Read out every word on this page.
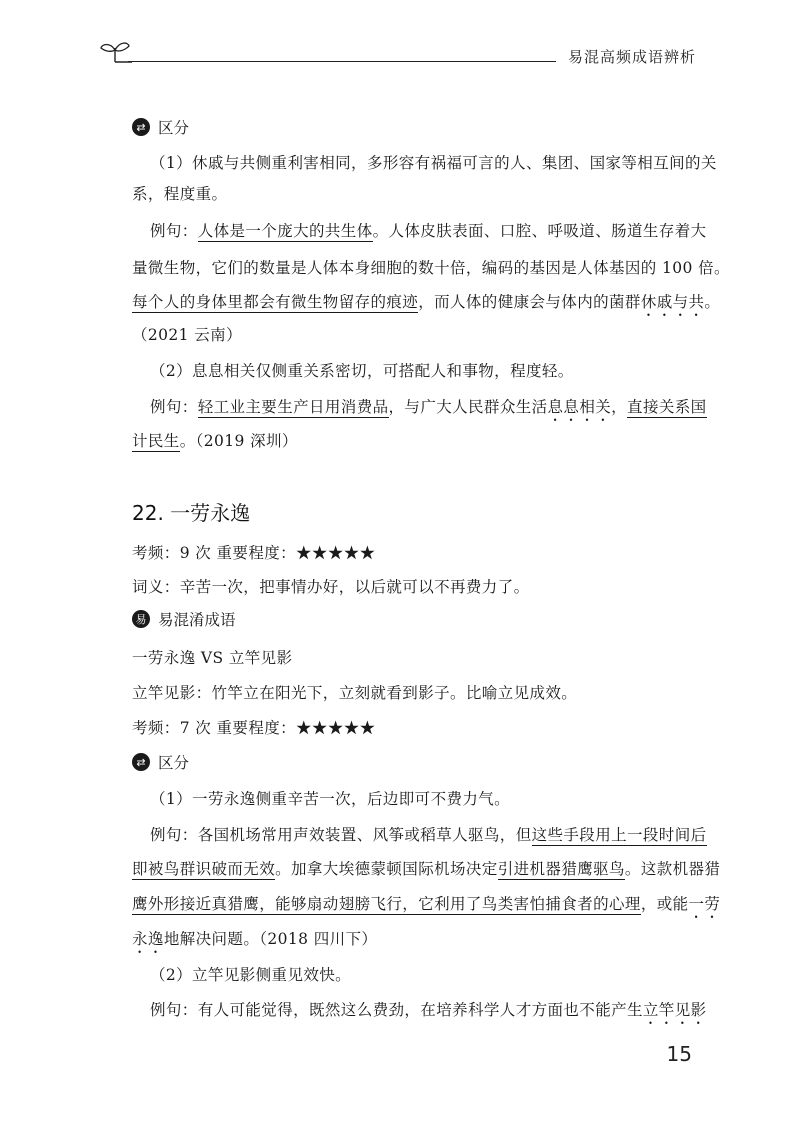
易混高频成语辨析
⇄ 区分
（1）休戚与共侧重利害相同，多形容有祸福可言的人、集团、国家等相互间的关
系，程度重。
例句：人体是一个庞大的共生体。人体皮肤表面、口腔、呼吸道、肠道生存着大
量微生物，它们的数量是人体本身细胞的数十倍，编码的基因是人体基因的 100 倍。
每个人的身体里都会有微生物留存的痕迹，而人体的健康会与体内的菌群休戚与共。
（2021 云南）
（2）息息相关仅侧重关系密切，可搭配人和事物，程度轻。
例句：轻工业主要生产日用消费品，与广大人民群众生活息息相关，直接关系国
计民生。（2019 深圳）
22. 一劳永逸
考频：9 次 重要程度：★★★★★
词义：辛苦一次，把事情办好，以后就可以不再费力了。
易 易混淆成语
一劳永逸 VS 立竿见影
立竿见影：竹竿立在阳光下，立刻就看到影子。比喻立见成效。
考频：7 次 重要程度：★★★★★
⇄ 区分
（1）一劳永逸侧重辛苦一次，后边即可不费力气。
例句：各国机场常用声效装置、风筝或稻草人驱鸟，但这些手段用上一段时间后
即被鸟群识破而无效。加拿大埃德蒙顿国际机场决定引进机器猎鹰驱鸟。这款机器猎
鹰外形接近真猎鹰，能够扇动翅膀飞行，它利用了鸟类害怕捕食者的心理，或能一劳
永逸地解决问题。（2018 四川下）
（2）立竿见影侧重见效快。
例句：有人可能觉得，既然这么费劲，在培养科学人才方面也不能产生立竿见影
15
